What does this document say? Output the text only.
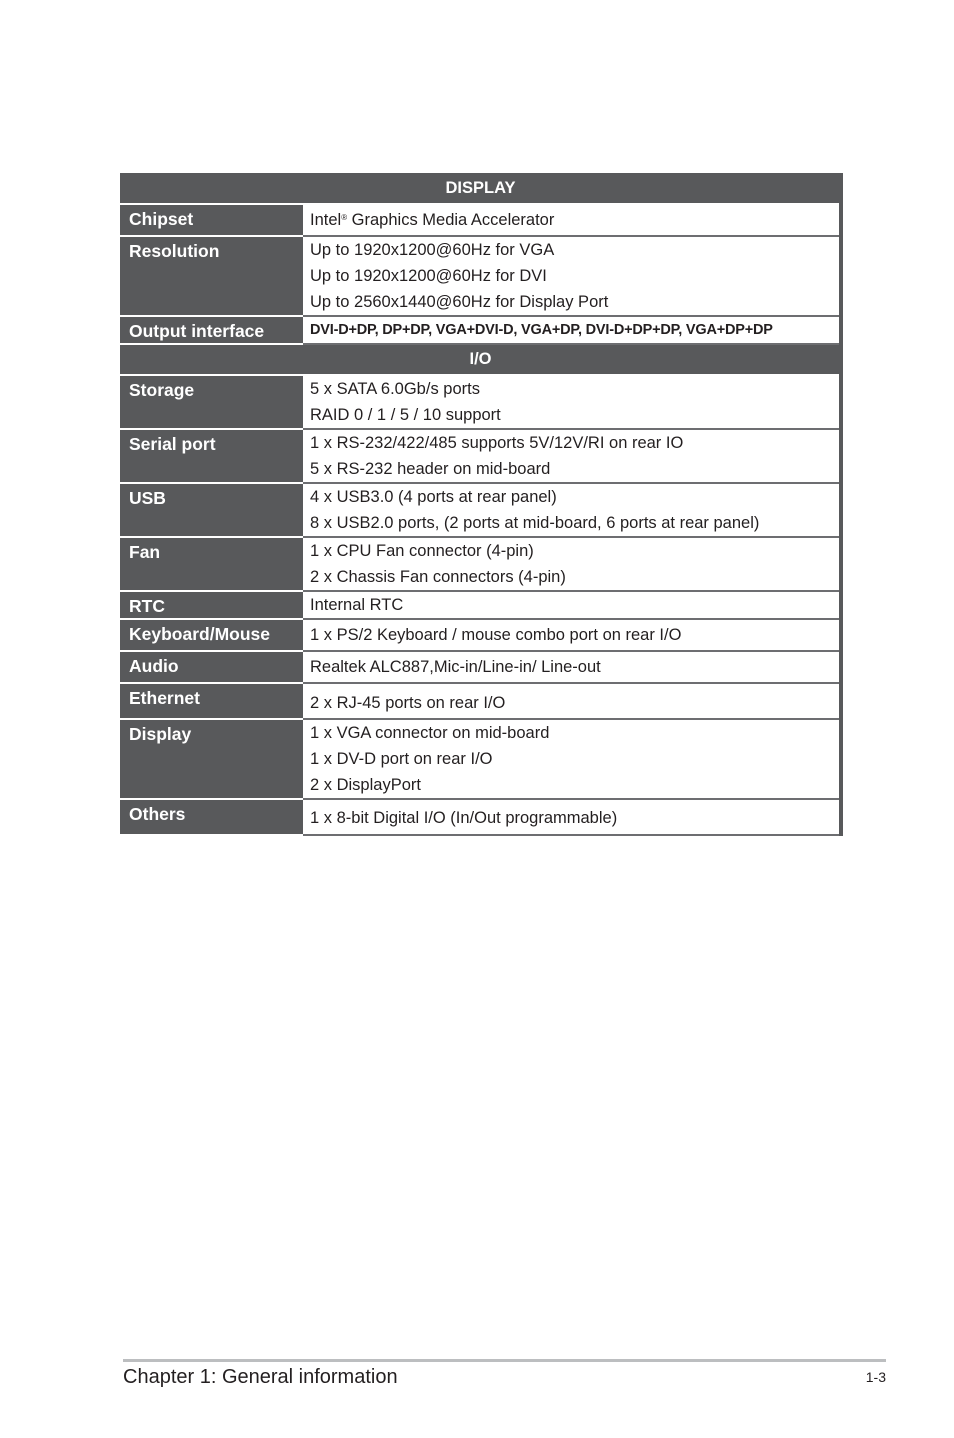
DISPLAY	
Chipset	Intel® Graphics Media Accelerator

Resolution	Up to 1920x1200@60Hz for VGA
Up to 1920x1200@60Hz for DVI
Up to 2560x1440@60Hz for Display Port

Output interface	DVI-D+DP, DP+DP, VGA+DVI-D, VGA+DP, DVI-D+DP+DP, VGA+DP+DP

I/O	
Storage	5 x SATA 6.0Gb/s ports
RAID 0 / 1 / 5 / 10 support

Serial port	1 x RS-232/422/485 supports 5V/12V/RI on rear IO
5 x RS-232 header on mid-board

USB	4 x USB3.0 (4 ports at rear panel)
8 x USB2.0 ports, (2 ports at mid-board, 6 ports at rear panel)

Fan	1 x CPU Fan connector (4-pin)
2 x Chassis Fan connectors (4-pin)

RTC	Internal RTC

Keyboard/Mouse	1 x PS/2 Keyboard / mouse combo port on rear I/O

Audio	Realtek ALC887,Mic-in/Line-in/ Line-out

Ethernet	2 x RJ-45 ports on rear I/O

Display	1 x VGA connector on mid-board
1 x DV-D port on rear I/O
2 x DisplayPort

Others	1 x 8-bit Digital I/O (In/Out programmable)
Chapter 1: General information	1-3
